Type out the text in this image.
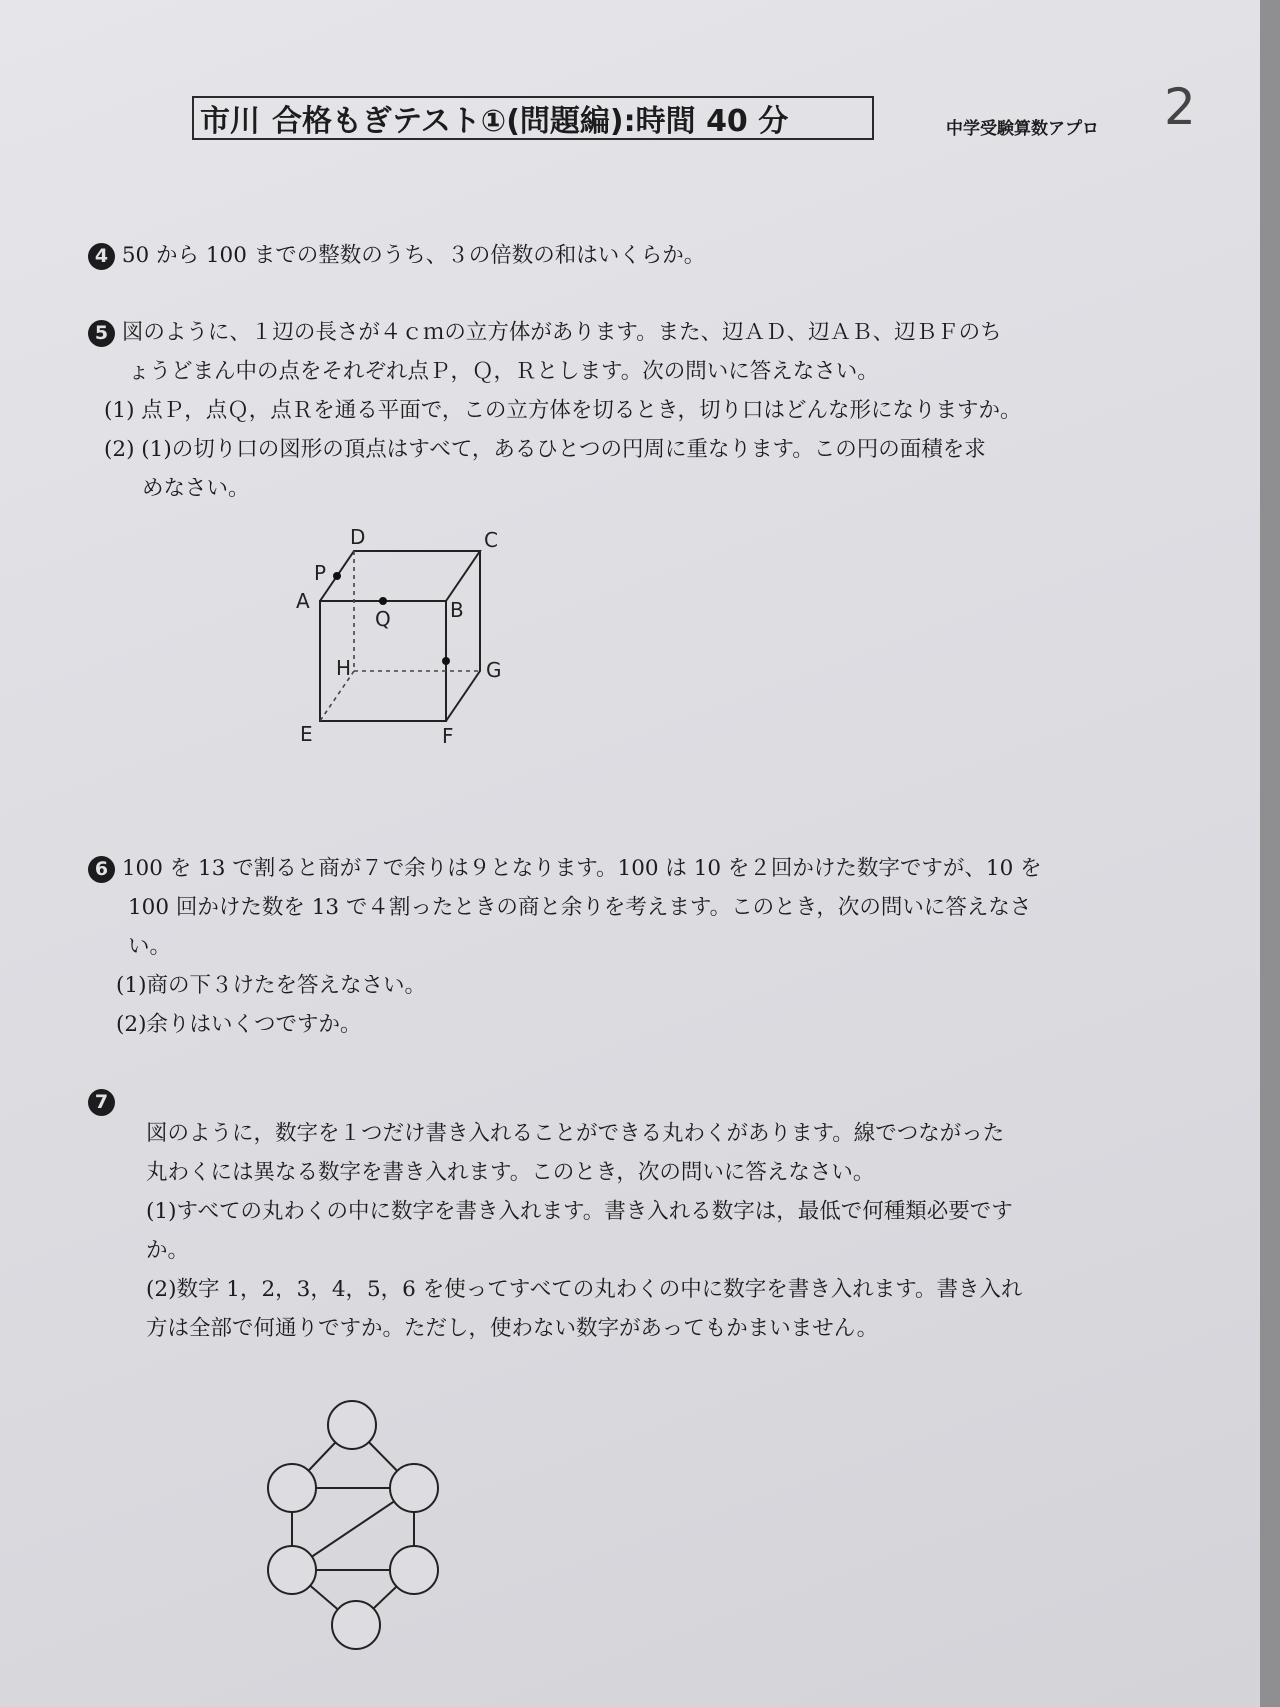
市川 合格もぎテスト①(問題編):時間 40 分	中学受験算数アプロ 2
4 50 から 100 までの整数のうち、３の倍数の和はいくらか。
5 図のように、１辺の長さが４ｃｍの立方体があります。また、辺ＡＤ、辺ＡＢ、辺ＢＦのち
ょうどまん中の点をそれぞれ点Ｐ，Ｑ，Ｒとします。次の問いに答えなさい。
(1) 点Ｐ，点Ｑ，点Ｒを通る平面で，この立方体を切るとき，切り口はどんな形になりますか。
(2) (1)の切り口の図形の頂点はすべて，あるひとつの円周に重なります。この円の面積を求
めなさい。
D	C
P
A
Q	B
H	G
E	F
6 100 を 13 で割ると商が７で余りは９となります。100 は 10 を２回かけた数字ですが、10 を
100 回かけた数を 13 で４割ったときの商と余りを考えます。このとき，次の問いに答えなさ
い。
(1)商の下３けたを答えなさい。
(2)余りはいくつですか。
7
図のように，数字を１つだけ書き入れることができる丸わくがあります。線でつながった
丸わくには異なる数字を書き入れます。このとき，次の問いに答えなさい。
(1)すべての丸わくの中に数字を書き入れます。書き入れる数字は，最低で何種類必要です
か。
(2)数字 1，2，3，4，5，6 を使ってすべての丸わくの中に数字を書き入れます。書き入れ
方は全部で何通りですか。ただし，使わない数字があってもかまいません。
